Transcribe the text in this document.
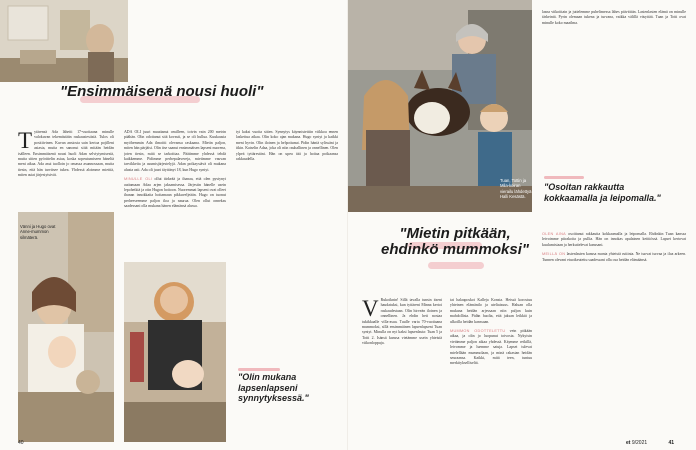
"Ensimmäisenä nousi huoli"
Tytärensä Ada lähetti 17-vuotiaana minulle valokuvan tekemästään raskaustestistä. Tulos oli positiivinen. Kuvan ansiosta sain kertoa pojilleni asiasta, mutta en sanonut siitä mitään heidän isälleen. Ensimmäisenä nousi huoli Adan selviytymisestä, mutta sitten pyörittelin asiaa, koska sopeutumiseen häneltä meni aikaa. Ada asui tuolloin jo omassa asunnossaan, mutta tiesin, että hän tarvitsee tukea. Yhdessä aloimme miettiä, miten asiat järjestyisivät.
Vänni ja Hugo ovat Anne-mummon silmäterä.

ADA OLI juuri muuttanut omilleen, toivin vain 200 metrin päähän. Olin odottanut sitä kovasti, ja se oli hullua. Kuukausia myöhemmin Ada ilmoitti olevansa raskaana. Mietin paljon, miten hän pärjäisi. Olin itse saanut ensimmäisen lapseni nuorena, joten tiesin, mitä se tarkoittaa. Päätimme yhdessä tehdä kaikkemme. Pidimme perhepalavereja, mietimme vauvan tarvikkeita ja asumisjärjestelyjä. Adan poikaystävä oli mukana alusta asti. Ada oli juuri täyttänyt 18, kun Hugo syntyi.

MINULLE OLI ollut tärkeää ja ihanaa, että olen pystynyt auttamaan Adaa arjen jaksamisessa. Järjestin hänelle usein lepohetkiä ja otin Hugon hoitoon. Nuoremmat lapseni ovat olleet ihanan innokkaita hoitamaan pikkuveljeään. Hugo on tuonut perheeseemme paljon iloa ja naurua. Olen ollut onnekas saadessani olla mukana hänen elämänsä alussa.

tyi kaksi vuotta sitten. Synnytys käynnistettiin viikkoa ennen laskettua aikaa. Olin koko ajan mukana. Hugo syntyi ja kaikki meni hyvin. Olin iloinen ja helpottunut. Pidin häntä sylissäni ja itkin. Katselin Adaa, joka oli niin rauhallinen ja onnellinen. Olen ylpeä tyttärestäni. Hän on upea äiti ja hoitaa poikaansa rakkaudella.

"Olin mukana lapsenlapseni synnytyksessä."
40
Tuan, Tottin ja Mila-koiran vierailu lähdettyä Halli Kesästä.
"Mietin pitkään, ehdinkö mummoksi"
V Rukoiknin! Sillä tavalla tunsin itseni haudatuksi, kun tyttäreni Minna kertoi raskaudestaan. Olin hirveän iloinen ja onnellinen. Ja ehdin heti nostaa tukikkaalle villa-asua. Tuulle varta 70-vuotiaana mummoksi, sillä ensimmäinen lapsenlapseni Tuan syntyi. Minulla on nyt kaksi lapsenlasta: Tuan 5 ja Totti 2. Isänsä kanssa vietämme usein yhteisiä viikonloppuja.

tat halaaposkot Kalleja Konsta. Heissä korostuu yhteinen elämänilo ja uteliaisuus. Haluan olla mukana heidän arjessaan niin paljon kuin mahdollista. Pidän huolta, että jaksan leikkiä ja ulkoilla heidän kanssaan.

MUMMON ODOTTELETTU vein pitkään aikaa, ja olin jo luopunut toivosta. Nykyisin vietämme paljon aikaa yhdessä. Käymme retkillä, leivomme ja luemme satuja. Lapset tulevat mielellään mummolaan, ja minä rakastan heidän seuraansa. Kaikki, mitä teen, tuntuu merkitykselliseltä.

lasna viikoittain ja juttelemme puhelimessa lähes päivittäin. Lastenlasten elämä on minulle tärkeintä. Pyrin olemaan tukena ja turvana, vaikka välillä väsyttää. Tuan ja Totti ovat minulle koko maailma.

"Osoitan rakkautta kokkaamalla ja leipomalla."

OLEN AINA osoittanut rakkautta kokkaamalla ja leipomalla. Ehdinkin Tuan kanssa leivoimme piirakoita ja pullia. Hän on innokas apulainen keittiössä. Lapset kertovat kuulumisiaan ja herkuttelevat kanssani.

MEILLÄ ON lastenlasten kanssa monta yhteistä rutiinia. Ne tuovat turvaa ja iloa arkeen. Tunnen olevani etuoikeutettu saadessani olla osa heidän elämäänsä.

et 9/2021	41
